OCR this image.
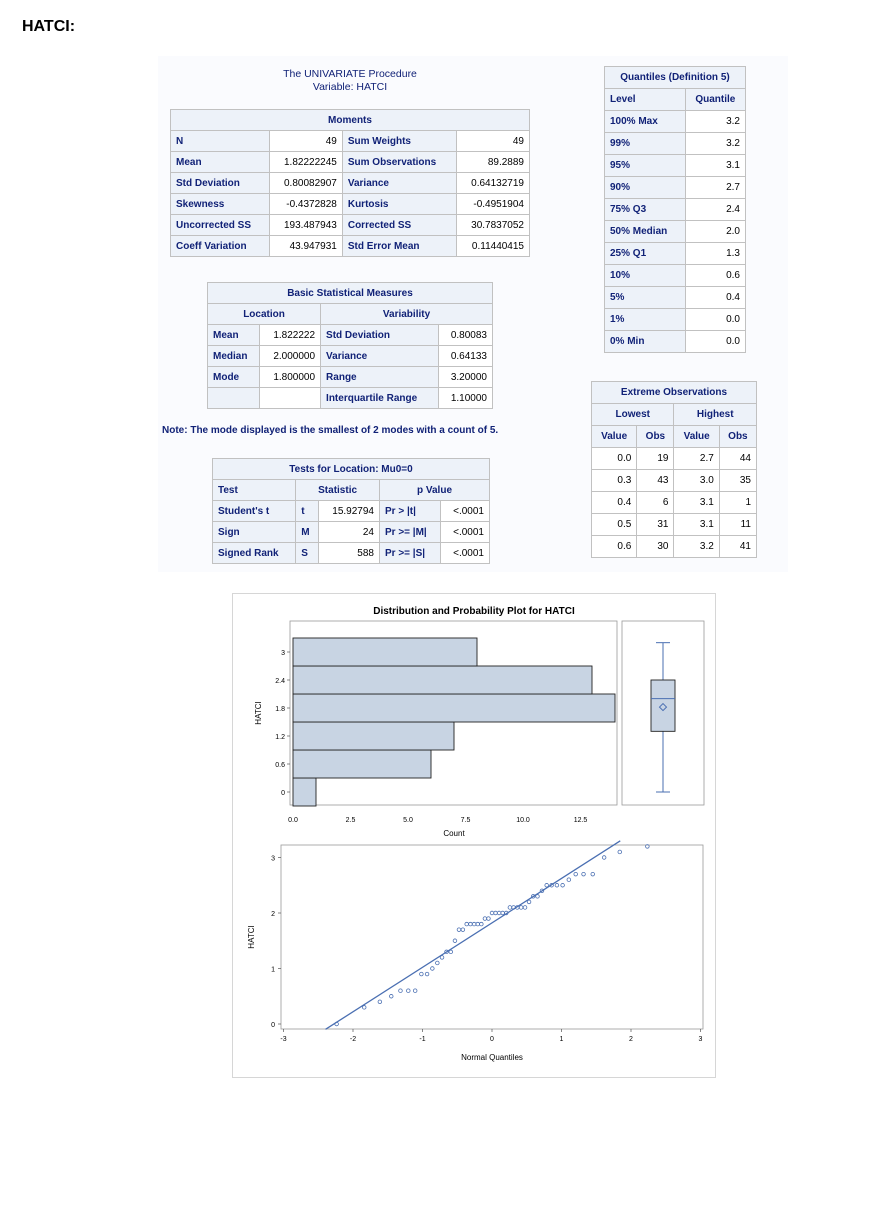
HATCI:
The UNIVARIATE Procedure
Variable: HATCI
Moments			
N	49	Sum Weights	49
Mean	1.82222245	Sum Observations	89.2889
Std Deviation	0.80082907	Variance	0.64132719
Skewness	-0.4372828	Kurtosis	-0.4951904
Uncorrected SS	193.487943	Corrected SS	30.7837052
Coeff Variation	43.947931	Std Error Mean	0.11440415
Basic Statistical Measures			
Location		Variability	
Mean	1.822222	Std Deviation	0.80083
Median	2.000000	Variance	0.64133
Mode	1.800000	Range	3.20000
		Interquartile Range	1.10000
Note: The mode displayed is the smallest of 2 modes with a count of 5.
Tests for Location: Mu0=0				
Test	Statistic		p Value	
Student's t	t	15.92794	Pr > |t|	<.0001
Sign	M	24	Pr >= |M|	<.0001
Signed Rank	S	588	Pr >= |S|	<.0001
Quantiles (Definition 5)	
Level	Quantile
100% Max	3.2
99%	3.2
95%	3.1
90%	2.7
75% Q3	2.4
50% Median	2.0
25% Q1	1.3
10%	0.6
5%	0.4
1%	0.0
0% Min	0.0
Extreme Observations			
Lowest		Highest	
Value	Obs	Value	Obs
0.0	19	2.7	44
0.3	43	3.0	35
0.4	6	3.1	1
0.5	31	3.1	11
0.6	30	3.2	41
Distribution and Probability Plot for HATCI
0
0.6
1.2
1.8
2.4
3
0.0	2.5	5.0	7.5	10.0	12.5
Count
HATCI
-3	-2	-1	0	1	2	3
0
1
2
3
Normal Quantiles
HATCI
